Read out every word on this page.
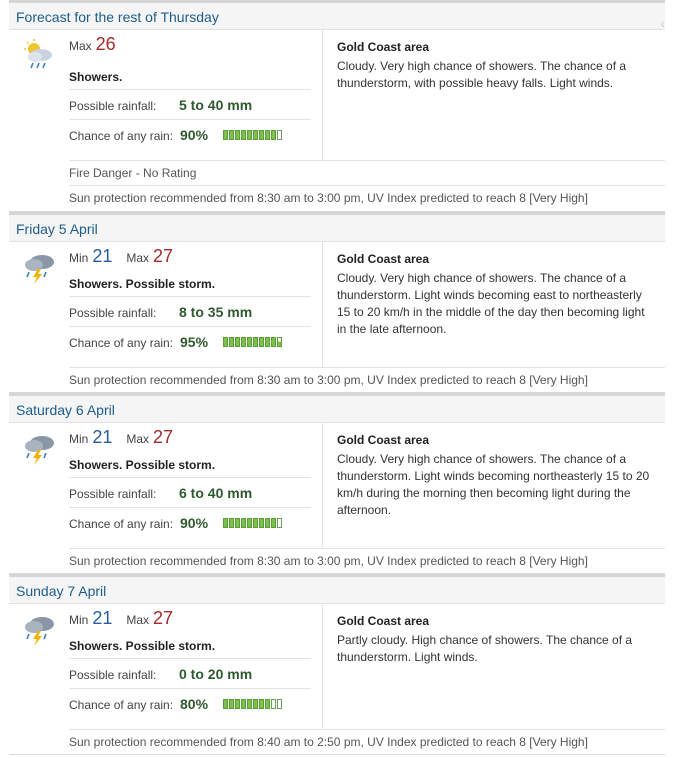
Forecast for the rest of Thursday	‹
Max 26
Showers.
Possible rainfall: 5 to 40 mm
Chance of any rain: 90%
Gold Coast area
Cloudy. Very high chance of showers. The chance of a thunderstorm, with possible heavy falls. Light winds.
Fire Danger - No Rating
Sun protection recommended from 8:30 am to 3:00 pm, UV Index predicted to reach 8 [Very High]
Friday 5 April
Min 21 Max 27
Showers. Possible storm.
Possible rainfall: 8 to 35 mm
Chance of any rain: 95%
Gold Coast area
Cloudy. Very high chance of showers. The chance of a thunderstorm. Light winds becoming east to northeasterly 15 to 20 km/h in the middle of the day then becoming light in the late afternoon.
Sun protection recommended from 8:30 am to 3:00 pm, UV Index predicted to reach 8 [Very High]
Saturday 6 April
Min 21 Max 27
Showers. Possible storm.
Possible rainfall: 6 to 40 mm
Chance of any rain: 90%
Gold Coast area
Cloudy. Very high chance of showers. The chance of a thunderstorm. Light winds becoming northeasterly 15 to 20 km/h during the morning then becoming light during the afternoon.
Sun protection recommended from 8:30 am to 3:00 pm, UV Index predicted to reach 8 [Very High]
Sunday 7 April
Min 21 Max 27
Showers. Possible storm.
Possible rainfall: 0 to 20 mm
Chance of any rain: 80%
Gold Coast area
Partly cloudy. High chance of showers. The chance of a thunderstorm. Light winds.
Sun protection recommended from 8:40 am to 2:50 pm, UV Index predicted to reach 8 [Very High]
